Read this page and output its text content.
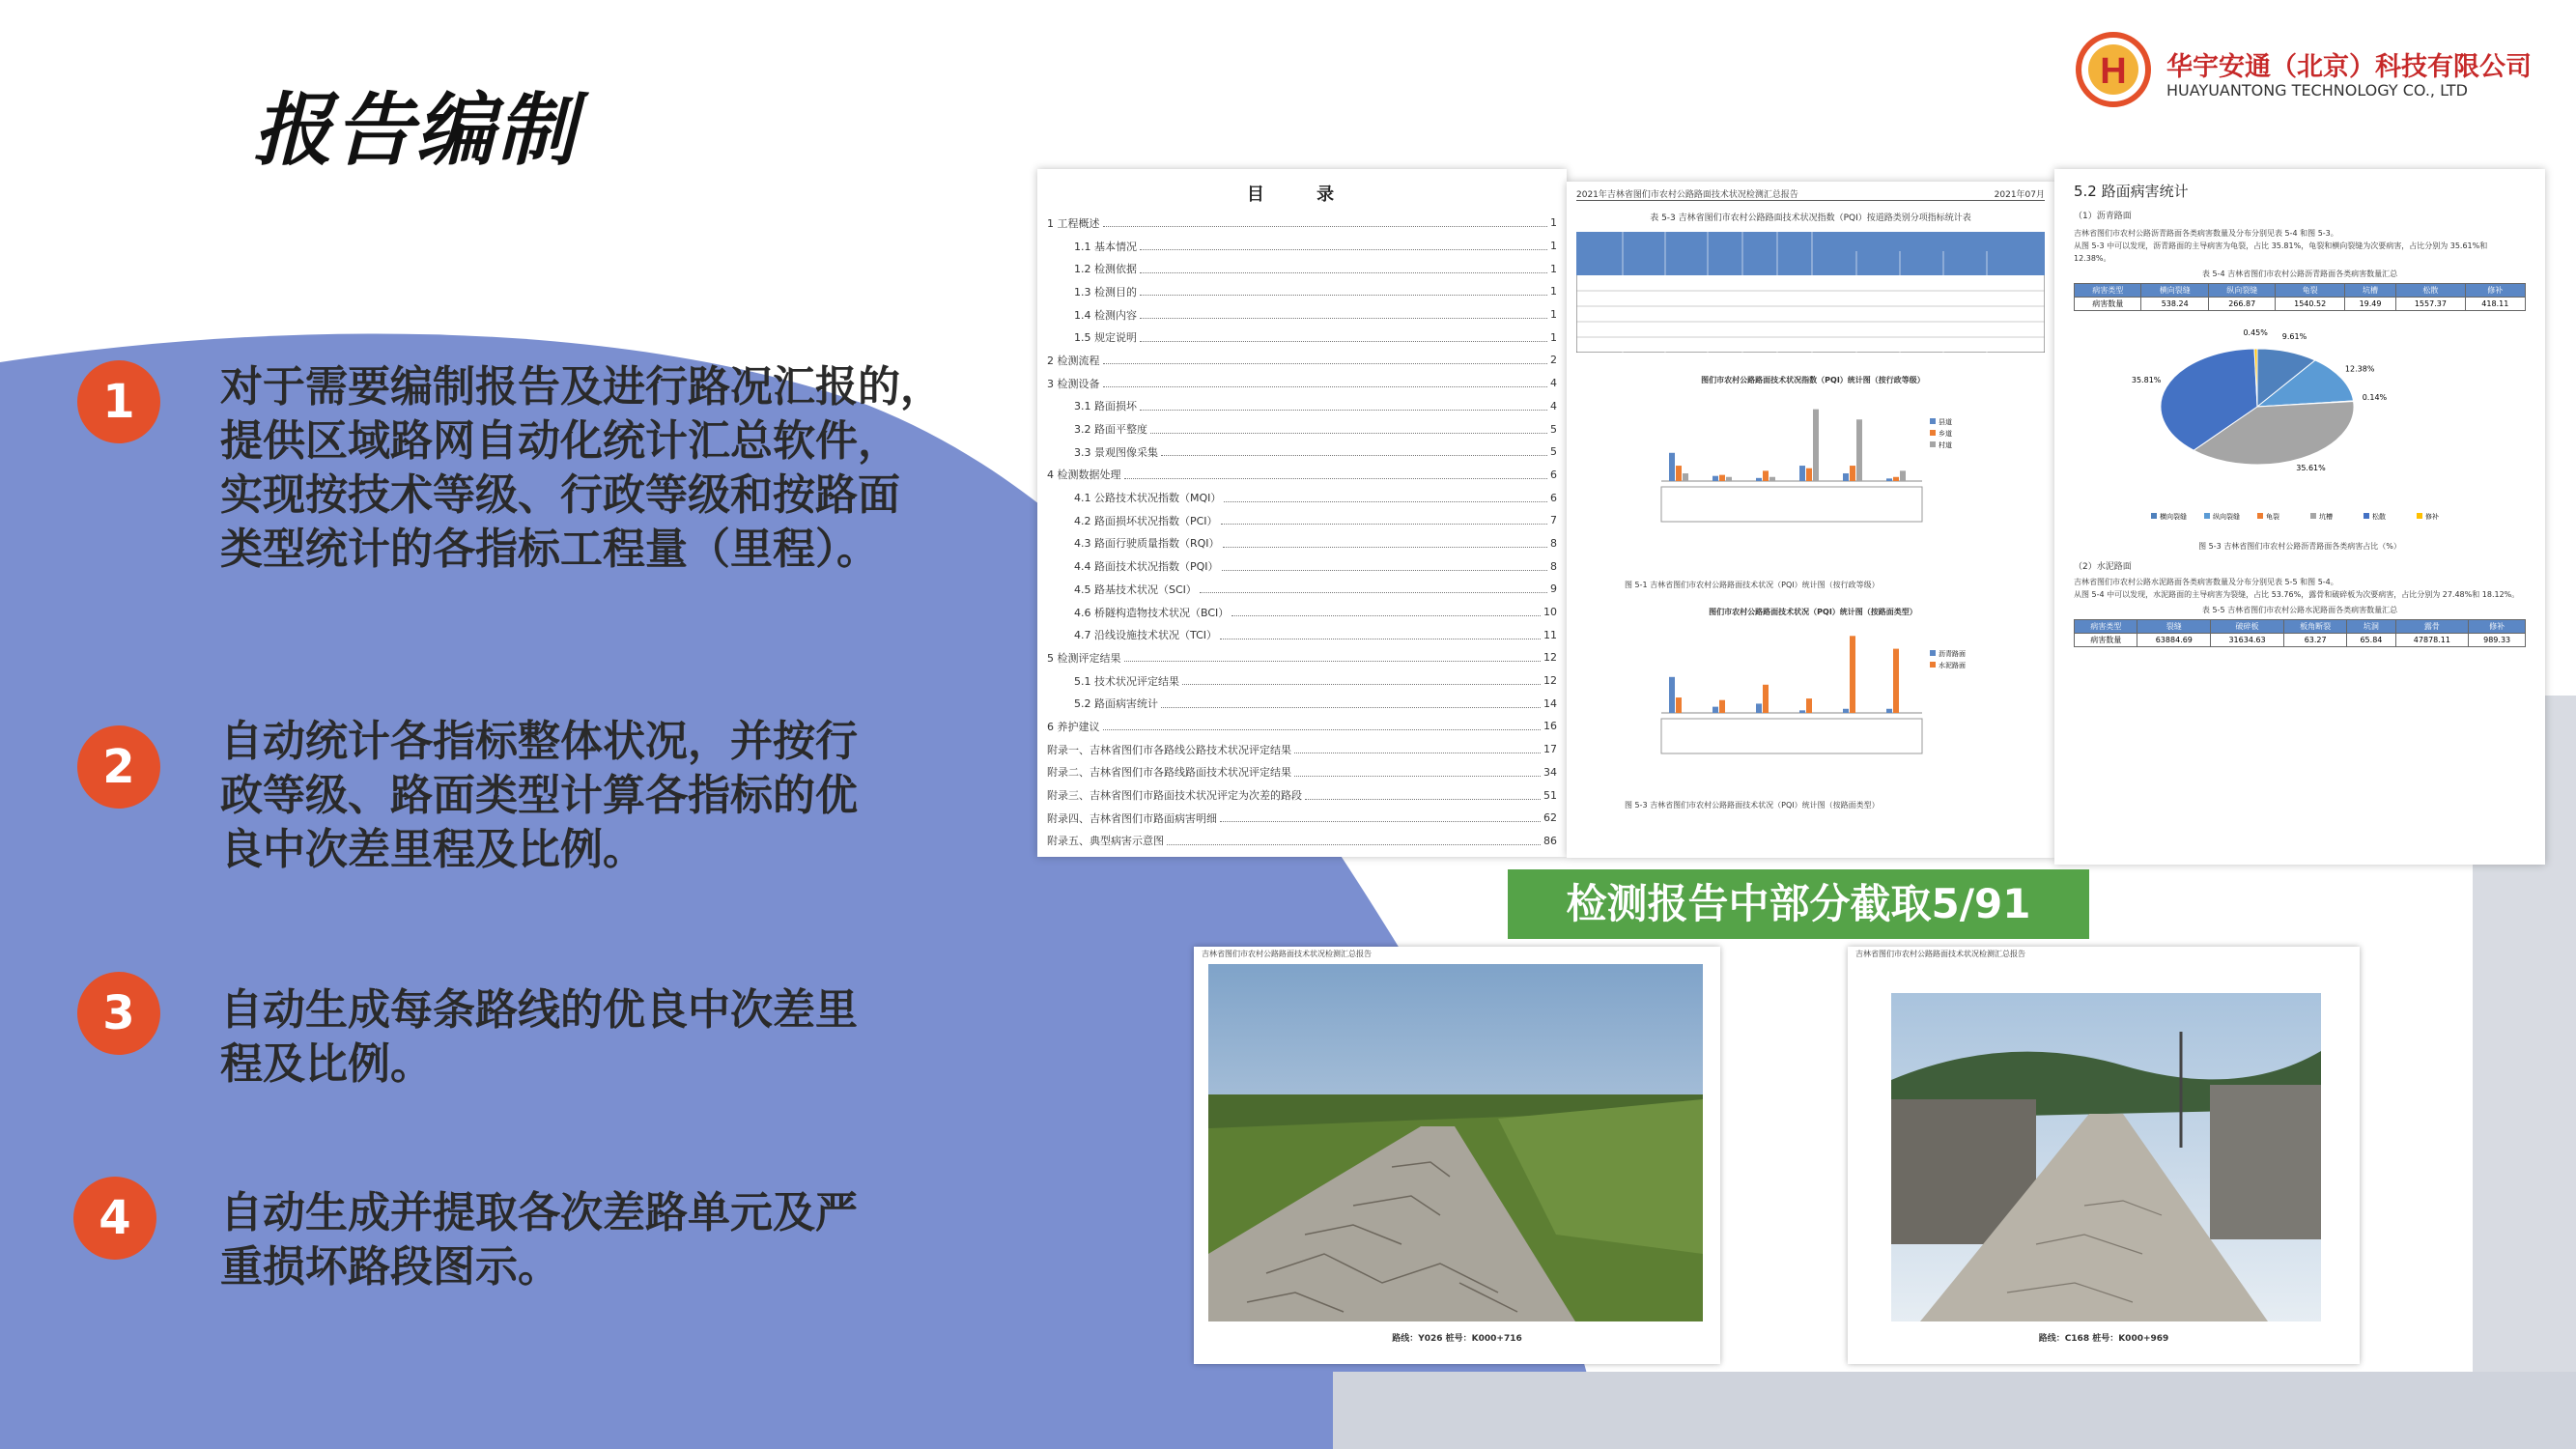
报告编制
H 华宇安通（北京）科技有限公司
HUAYUANTONG TECHNOLOGY CO., LTD
1	对于需要编制报告及进行路况汇报的，
提供区域路网自动化统计汇总软件，
实现按技术等级、行政等级和按路面
类型统计的各指标工程量（里程）。
2	自动统计各指标整体状况，并按行
政等级、路面类型计算各指标的优
良中次差里程及比例。
3	自动生成每条路线的优良中次差里
程及比例。
4	自动生成并提取各次差路单元及严
重损坏路段图示。
目 录
1 工程概述	1
1.1 基本情况	1
1.2 检测依据	1
1.3 检测目的	1
1.4 检测内容	1
1.5 规定说明	1
2 检测流程	2
3 检测设备	4
3.1 路面损坏	4
3.2 路面平整度	5
3.3 景观图像采集	5
4 检测数据处理	6
4.1 公路技术状况指数（MQI）	6
4.2 路面损坏状况指数（PCI）	7
4.3 路面行驶质量指数（RQI）	8
4.4 路面技术状况指数（PQI）	8
4.5 路基技术状况（SCI）	9
4.6 桥隧构造物技术状况（BCI）	10
4.7 沿线设施技术状况（TCI）	11
5 检测评定结果	12
5.1 技术状况评定结果	12
5.2 路面病害统计	14
6 养护建议	16
附录一、吉林省图们市各路线公路技术状况评定结果	17
附录二、吉林省图们市各路线路面技术状况评定结果	34
附录三、吉林省图们市路面技术状况评定为次差的路段	51
附录四、吉林省图们市路面病害明细	62
附录五、典型病害示意图	86
2021年吉林省图们市农村公路路面技术状况检测汇总报告	2021年07月
表 5-3 吉林省图们市农村公路路面技术状况指数（PQI）按道路类别分项指标统计表
图们市农村公路路面技术状况指数（PQI）统计图（按行政等级）
县道
乡道
村道
图 5-1 吉林省图们市农村公路路面技术状况（PQI）统计图（按行政等级）
图们市农村公路路面技术状况（PQI）统计图（按路面类型）
沥青路面
水泥路面
图 5-3 吉林省图们市农村公路路面技术状况（PQI）统计图（按路面类型）
5.2 路面病害统计
（1）沥青路面
吉林省图们市农村公路沥青路面各类病害数量及分布分别见表 5-4 和图 5-3。
从图 5-3 中可以发现，沥青路面的主导病害为龟裂，占比 35.81%，龟裂和横向裂缝为次要病害，占比分别为 35.61%和 12.38%。
表 5-4 吉林省图们市农村公路沥青路面各类病害数量汇总
病害类型	横向裂缝	纵向裂缝	龟裂	坑槽	松散	修补
病害数量	538.24	266.87	1540.52	19.49	1557.37	418.11
9.61%
12.38%
0.14%
35.61%
35.81%
0.45%
横向裂缝	纵向裂缝	龟裂	坑槽	松散	修补
图 5-3 吉林省图们市农村公路沥青路面各类病害占比（%）
（2）水泥路面
吉林省图们市农村公路水泥路面各类病害数量及分布分别见表 5-5 和图 5-4。
从图 5-4 中可以发现，水泥路面的主导病害为裂缝，占比 53.76%，露骨和破碎板为次要病害，占比分别为 27.48%和 18.12%。
表 5-5 吉林省图们市农村公路水泥路面各类病害数量汇总
病害类型	裂缝	破碎板	板角断裂	坑洞	露骨	修补
病害数量	63884.69	31634.63	63.27	65.84	47878.11	989.33
检测报告中部分截取5/91
吉林省图们市农村公路路面技术状况检测汇总报告
路线：Y026 桩号：K000+716
吉林省图们市农村公路路面技术状况检测汇总报告
路线：C168 桩号：K000+969
